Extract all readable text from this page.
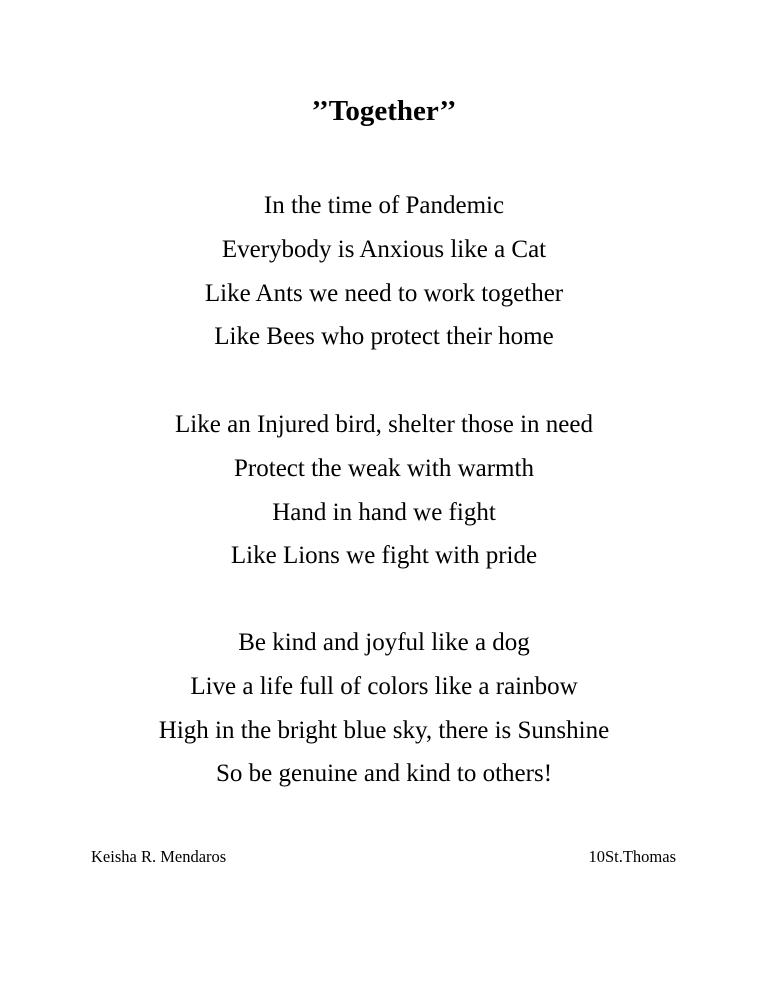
’’Together’’
In the time of Pandemic
Everybody is Anxious like a Cat
Like Ants we need to work together
Like Bees who protect their home
Like an Injured bird, shelter those in need
Protect the weak with warmth
Hand in hand we fight
Like Lions we fight with pride
Be kind and joyful like a dog
Live a life full of colors like a rainbow
High in the bright blue sky, there is Sunshine
So be genuine and kind to others!
Keisha R. Mendaros	10St.Thomas
